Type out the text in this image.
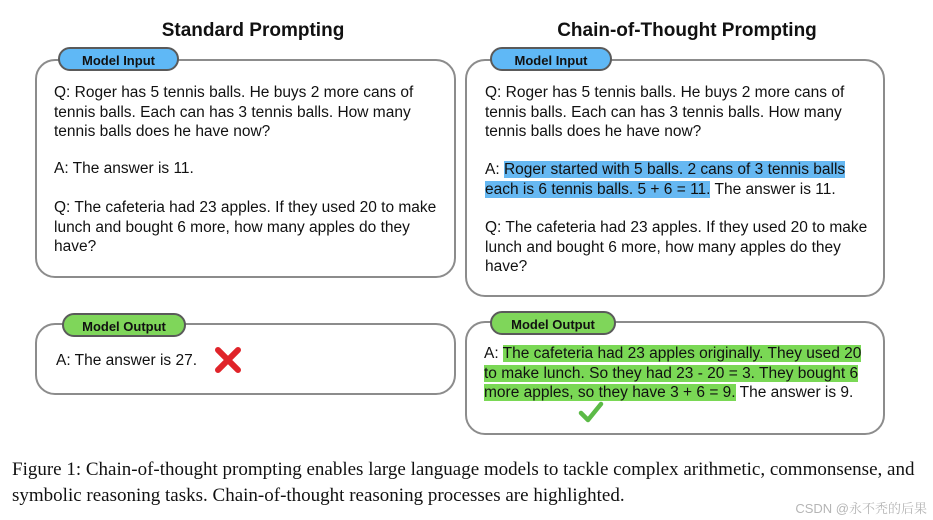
Standard Prompting	Chain-of-Thought Prompting
Model Input
Q: Roger has 5 tennis balls. He buys 2 more cans of tennis balls. Each can has 3 tennis balls. How many tennis balls does he have now?
A: The answer is 11.
Q: The cafeteria had 23 apples. If they used 20 to make lunch and bought 6 more, how many apples do they have?
Model Output
A: The answer is 27.
Model Input
Q: Roger has 5 tennis balls. He buys 2 more cans of tennis balls. Each can has 3 tennis balls. How many tennis balls does he have now?
A: Roger started with 5 balls. 2 cans of 3 tennis balls each is 6 tennis balls. 5 + 6 = 11. The answer is 11.
Q: The cafeteria had 23 apples. If they used 20 to make lunch and bought 6 more, how many apples do they have?
Model Output
A: The cafeteria had 23 apples originally. They used 20 to make lunch. So they had 23 - 20 = 3. They bought 6 more apples, so they have 3 + 6 = 9. The answer is 9.
Figure 1: Chain-of-thought prompting enables large language models to tackle complex arithmetic, commonsense, and symbolic reasoning tasks. Chain-of-thought reasoning processes are highlighted.
CSDN @永不秃的后果
